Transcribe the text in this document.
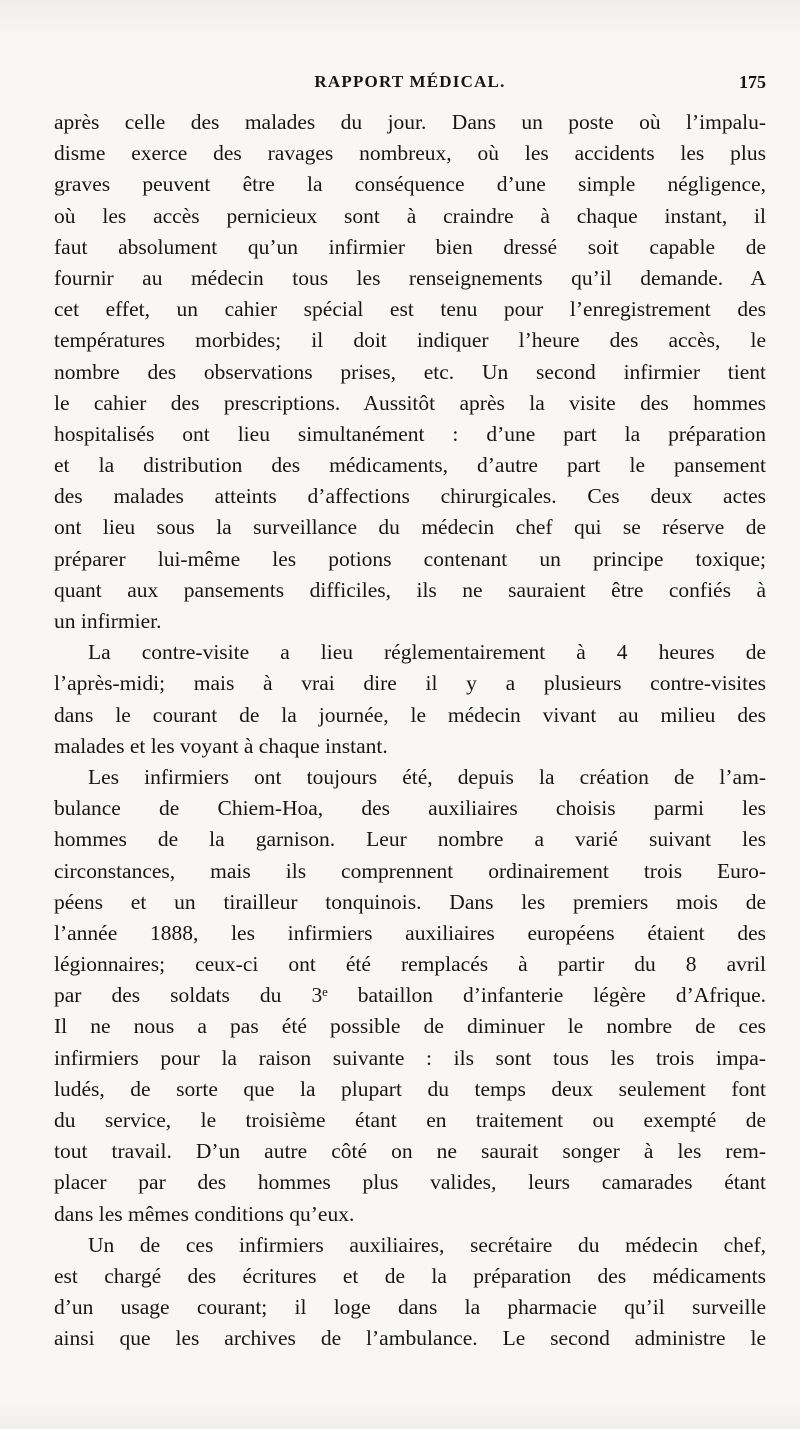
RAPPORT MÉDICAL.	175
après celle des malades du jour. Dans un poste où l’impalu-
disme exerce des ravages nombreux, où les accidents les plus
graves peuvent être la conséquence d’une simple négligence,
où les accès pernicieux sont à craindre à chaque instant, il
faut absolument qu’un infirmier bien dressé soit capable de
fournir au médecin tous les renseignements qu’il demande. A
cet effet, un cahier spécial est tenu pour l’enregistrement des
températures morbides; il doit indiquer l’heure des accès, le
nombre des observations prises, etc. Un second infirmier tient
le cahier des prescriptions. Aussitôt après la visite des hommes
hospitalisés ont lieu simultanément : d’une part la préparation
et la distribution des médicaments, d’autre part le pansement
des malades atteints d’affections chirurgicales. Ces deux actes
ont lieu sous la surveillance du médecin chef qui se réserve de
préparer lui-même les potions contenant un principe toxique;
quant aux pansements difficiles, ils ne sauraient être confiés à
un infirmier.
La contre-visite a lieu réglementairement à 4 heures de
l’après-midi; mais à vrai dire il y a plusieurs contre-visites
dans le courant de la journée, le médecin vivant au milieu des
malades et les voyant à chaque instant.
Les infirmiers ont toujours été, depuis la création de l’am-
bulance de Chiem-Hoa, des auxiliaires choisis parmi les
hommes de la garnison. Leur nombre a varié suivant les
circonstances, mais ils comprennent ordinairement trois Euro-
péens et un tirailleur tonquinois. Dans les premiers mois de
l’année 1888, les infirmiers auxiliaires européens étaient des
légionnaires; ceux-ci ont été remplacés à partir du 8 avril
par des soldats du 3ᵉ bataillon d’infanterie légère d’Afrique.
Il ne nous a pas été possible de diminuer le nombre de ces
infirmiers pour la raison suivante : ils sont tous les trois impa-
ludés, de sorte que la plupart du temps deux seulement font
du service, le troisième étant en traitement ou exempté de
tout travail. D’un autre côté on ne saurait songer à les rem-
placer par des hommes plus valides, leurs camarades étant
dans les mêmes conditions qu’eux.
Un de ces infirmiers auxiliaires, secrétaire du médecin chef,
est chargé des écritures et de la préparation des médicaments
d’un usage courant; il loge dans la pharmacie qu’il surveille
ainsi que les archives de l’ambulance. Le second administre le
